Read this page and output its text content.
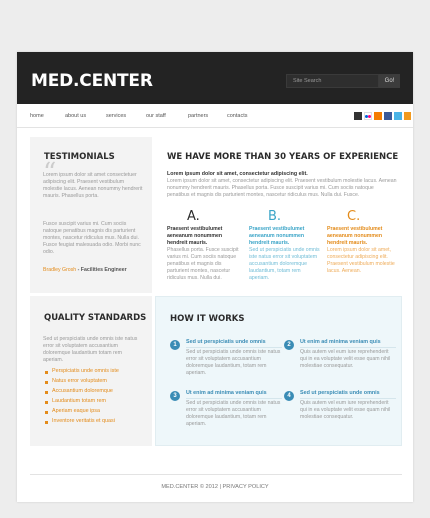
MED.CENTER	Site Search	Go!
home	about us	services	our staff	partners	contacts
TESTIMONIALS
“
Lorem ipsum dolor sit amet consectetuer adipiscing elit. Praesent vestibulum molestie lacus. Aenean nonummy hendrerit mauris. Phasellus porta.
Fusce suscipit varius mi. Cum sociis natoque penatibus magnis dis parturient montes, nascetur ridiculus mus. Nulla dui. Fusce feugiat malesuada odio. Morbi nunc odio.
Bradley Grosh - Facilities Engineer
WE HAVE MORE THAN 30 YEARS OF EXPERIENCE
Lorem ipsum dolor sit amet, consectetur adipiscing elit.
Lorem ipsum dolor sit amet, consectetur adipiscing elit. Praesent vestibulum molestie lacus. Aenean nonummy hendrerit mauris. Phasellus porta. Fusce suscipit varius mi. Cum sociis natoque penatibus et magnis dis parturient montes, nascetur ridiculus mus. Nulla dui. Fusce.
A.
Praesent vestibulumet aeneanum nonummen hendreit mauris.
Phasellus porta. Fusce suscipit varius mi. Cum sociis natoque penatibus et magnis dis parturient montes, nascetur ridiculus mus. Nulla dui.
B.
Praesent vestibulumet aeneanum nonummen hendreit mauris.
Sed ut perspiciatis unde omnis iste natus error sit voluptatem accusantium doloremque laudantium, totam rem aperiam.
C.
Praesent vestibulumet aeneanum nonummen hendreit mauris.
Lorem ipsum dolor sit amet, consectetur adipiscing elit. Praesent vestibulum molestie lacus. Aenean.
QUALITY STANDARDS
Sed ut perspiciatis unde omnis iste natus error sit voluptatem accusantium doloremque laudantium totam rem aperiam.
Perspiciatis unde omnis iste
Natus error voluptatem
Accusantium doloremque
Laudantium totam rem
Aperiam eaque ipsa
Inventore veritatis et quasi
HOW IT WORKS
1	Sed ut perspiciatis unde omnis
Sed ut perspiciatis unde omnis iste natus error sit voluptatem accusantium doloremque laudantium, totam rem aperiam.
2	Ut enim ad minima veniam quis
Quis autem vel eum iure reprehenderit qui in ea voluptate velit esse quam nihil molestiae consequatur.
3	Ut enim ad minima veniam quis
Sed ut perspiciatis unde omnis iste natus error sit voluptatem accusantium doloremque laudantium, totam rem aperiam.
4	Sed ut perspiciatis unde omnis
Quis autem vel eum iure reprehenderit qui in ea voluptate velit esse quam nihil molestiae consequatur.
MED.CENTER © 2012 | PRIVACY POLICY
